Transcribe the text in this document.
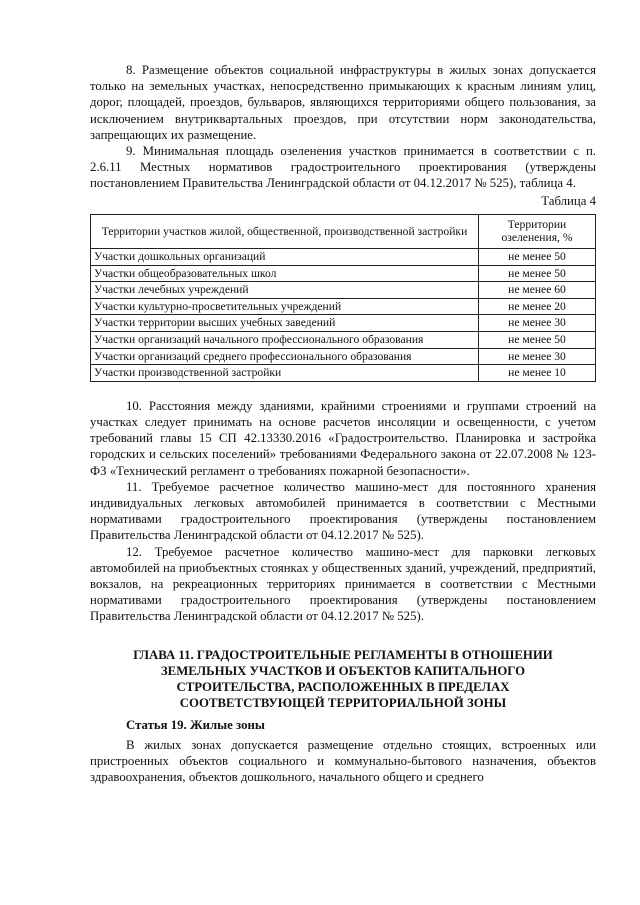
8. Размещение объектов социальной инфраструктуры в жилых зонах допускается только на земельных участках, непосредственно примыкающих к красным линиям улиц, дорог, площадей, проездов, бульваров, являющихся территориями общего пользования, за исключением внутриквартальных проездов, при отсутствии норм законодательства, запрещающих их размещение.

9. Минимальная площадь озеленения участков принимается в соответствии с п. 2.6.11 Местных нормативов градостроительного проектирования (утверждены постановлением Правительства Ленинградской области от 04.12.2017 № 525), таблица 4.

Таблица 4
Территории участков жилой, общественной, производственной застройки	Территории озеленения, %
Участки дошкольных организаций	не менее 50
Участки общеобразовательных школ	не менее 50
Участки лечебных учреждений	не менее 60
Участки культурно-просветительных учреждений	не менее 20
Участки территории высших учебных заведений	не менее 30
Участки организаций начального профессионального образования	не менее 50
Участки организаций среднего профессионального образования	не менее 30
Участки производственной застройки	не менее 10

10. Расстояния между зданиями, крайними строениями и группами строений на участках следует принимать на основе расчетов инсоляции и освещенности, с учетом требований главы 15 СП 42.13330.2016 «Градостроительство. Планировка и застройка городских и сельских поселений» требованиями Федерального закона от 22.07.2008 № 123-ФЗ «Технический регламент о требованиях пожарной безопасности».

11. Требуемое расчетное количество машино-мест для постоянного хранения индивидуальных легковых автомобилей принимается в соответствии с Местными нормативами градостроительного проектирования (утверждены постановлением Правительства Ленинградской области от 04.12.2017 № 525).

12. Требуемое расчетное количество машино-мест для парковки легковых автомобилей на приобъектных стоянках у общественных зданий, учреждений, предприятий, вокзалов, на рекреационных территориях принимается в соответствии с Местными нормативами градостроительного проектирования (утверждены постановлением Правительства Ленинградской области от 04.12.2017 № 525).

ГЛАВА 11. ГРАДОСТРОИТЕЛЬНЫЕ РЕГЛАМЕНТЫ В ОТНОШЕНИИ ЗЕМЕЛЬНЫХ УЧАСТКОВ И ОБЪЕКТОВ КАПИТАЛЬНОГО СТРОИТЕЛЬСТВА, РАСПОЛОЖЕННЫХ В ПРЕДЕЛАХ СООТВЕТСТВУЮЩЕЙ ТЕРРИТОРИАЛЬНОЙ ЗОНЫ

Статья 19. Жилые зоны

В жилых зонах допускается размещение отдельно стоящих, встроенных или пристроенных объектов социального и коммунально-бытового назначения, объектов здравоохранения, объектов дошкольного, начального общего и среднего
